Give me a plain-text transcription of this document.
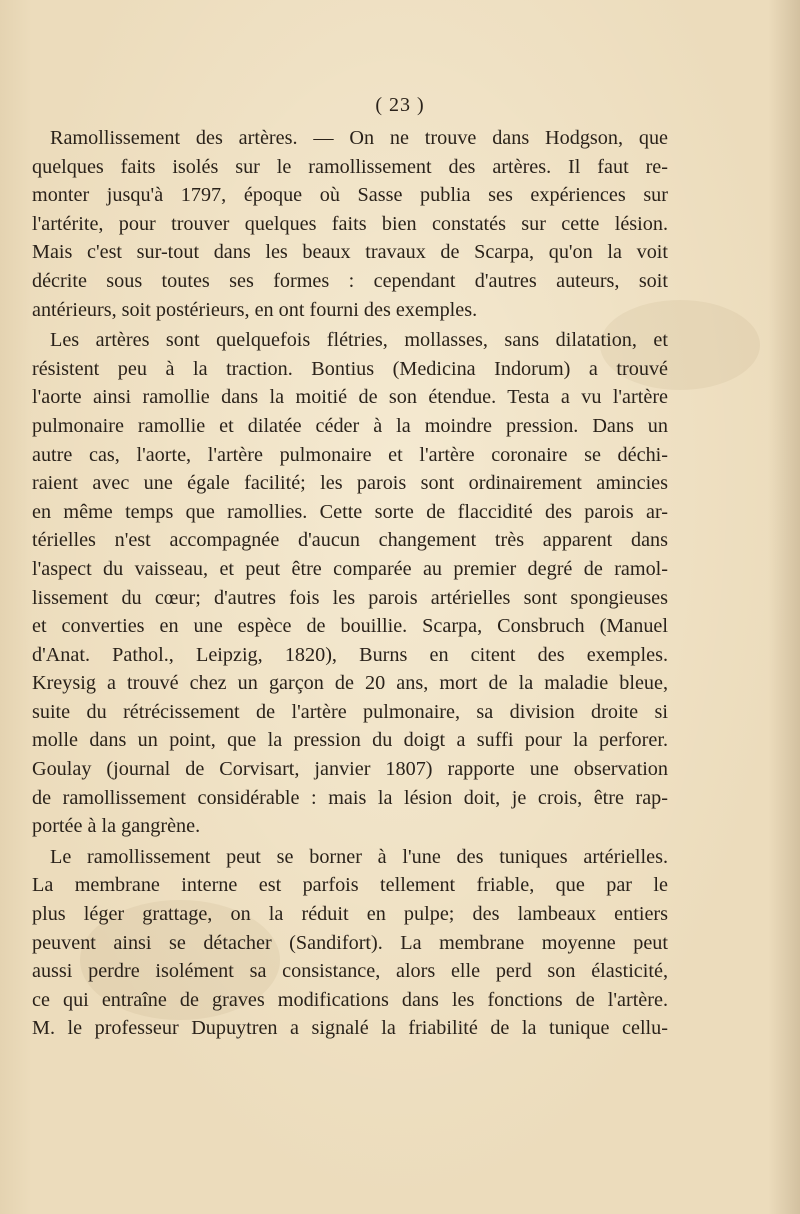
( 23 )
Ramollissement des artères. — On ne trouve dans Hodgson, que
quelques faits isolés sur le ramollissement des artères. Il faut re-
monter jusqu'à 1797, époque où Sasse publia ses expériences sur
l'artérite, pour trouver quelques faits bien constatés sur cette lésion.
Mais c'est sur-tout dans les beaux travaux de Scarpa, qu'on la voit
décrite sous toutes ses formes : cependant d'autres auteurs, soit
antérieurs, soit postérieurs, en ont fourni des exemples.
Les artères sont quelquefois flétries, mollasses, sans dilatation, et
résistent peu à la traction. Bontius (Medicina Indorum) a trouvé
l'aorte ainsi ramollie dans la moitié de son étendue. Testa a vu l'artère
pulmonaire ramollie et dilatée céder à la moindre pression. Dans un
autre cas, l'aorte, l'artère pulmonaire et l'artère coronaire se déchi-
raient avec une égale facilité; les parois sont ordinairement amincies
en même temps que ramollies. Cette sorte de flaccidité des parois ar-
térielles n'est accompagnée d'aucun changement très apparent dans
l'aspect du vaisseau, et peut être comparée au premier degré de ramol-
lissement du cœur; d'autres fois les parois artérielles sont spongieuses
et converties en une espèce de bouillie. Scarpa, Consbruch (Manuel
d'Anat. Pathol., Leipzig, 1820), Burns en citent des exemples.
Kreysig a trouvé chez un garçon de 20 ans, mort de la maladie bleue,
suite du rétrécissement de l'artère pulmonaire, sa division droite si
molle dans un point, que la pression du doigt a suffi pour la perforer.
Goulay (journal de Corvisart, janvier 1807) rapporte une observation
de ramollissement considérable : mais la lésion doit, je crois, être rap-
portée à la gangrène.
Le ramollissement peut se borner à l'une des tuniques artérielles.
La membrane interne est parfois tellement friable, que par le
plus léger grattage, on la réduit en pulpe; des lambeaux entiers
peuvent ainsi se détacher (Sandifort). La membrane moyenne peut
aussi perdre isolément sa consistance, alors elle perd son élasticité,
ce qui entraîne de graves modifications dans les fonctions de l'artère.
M. le professeur Dupuytren a signalé la friabilité de la tunique cellu-
